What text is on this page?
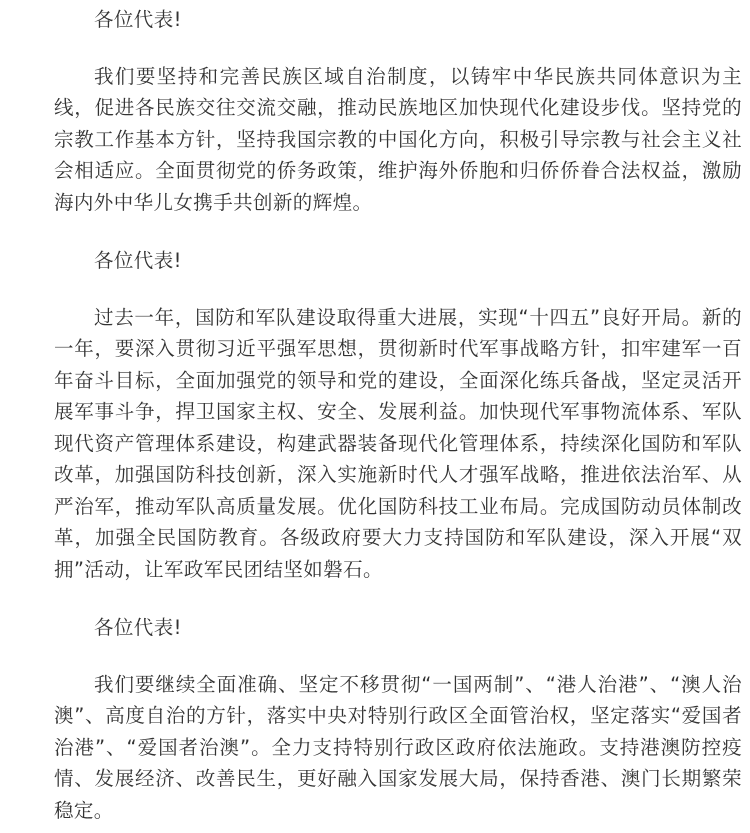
各位代表!

我们要坚持和完善民族区域自治制度，以铸牢中华民族共同体意识为主线，促进各民族交往交流交融，推动民族地区加快现代化建设步伐。坚持党的宗教工作基本方针，坚持我国宗教的中国化方向，积极引导宗教与社会主义社会相适应。全面贯彻党的侨务政策，维护海外侨胞和归侨侨眷合法权益，激励海内外中华儿女携手共创新的辉煌。

各位代表!

过去一年，国防和军队建设取得重大进展，实现“十四五”良好开局。新的一年，要深入贯彻习近平强军思想，贯彻新时代军事战略方针，扣牢建军一百年奋斗目标，全面加强党的领导和党的建设，全面深化练兵备战，坚定灵活开展军事斗争，捍卫国家主权、安全、发展利益。加快现代军事物流体系、军队现代资产管理体系建设，构建武器装备现代化管理体系，持续深化国防和军队改革，加强国防科技创新，深入实施新时代人才强军战略，推进依法治军、从严治军，推动军队高质量发展。优化国防科技工业布局。完成国防动员体制改革，加强全民国防教育。各级政府要大力支持国防和军队建设，深入开展“双拥”活动，让军政军民团结坚如磐石。

各位代表!

我们要继续全面准确、坚定不移贯彻“一国两制”、“港人治港”、“澳人治澳”、高度自治的方针，落实中央对特别行政区全面管治权，坚定落实“爱国者治港”、“爱国者治澳”。全力支持特别行政区政府依法施政。支持港澳防控疫情、发展经济、改善民生，更好融入国家发展大局，保持香港、澳门长期繁荣稳定。
